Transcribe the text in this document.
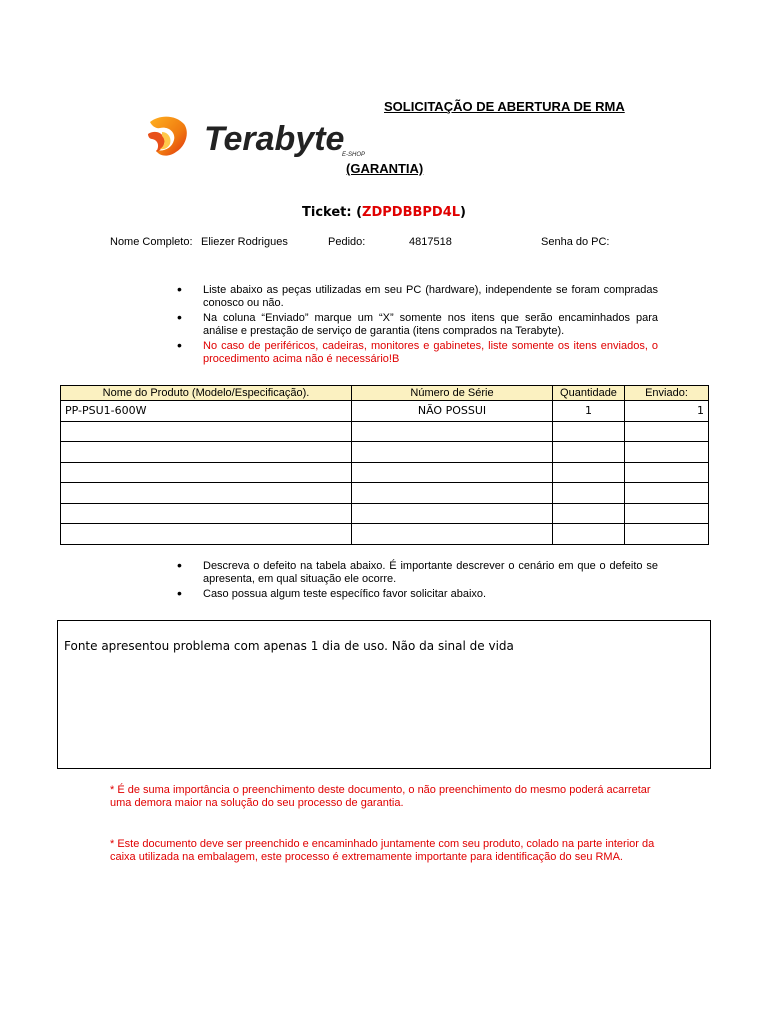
SOLICITAÇÃO DE ABERTURA DE RMA
Terabyte
E-SHOP
(GARANTIA)
Ticket: (ZDPDBBPD4L)
Nome Completo: Eliezer Rodrigues	Pedido:	4817518	Senha do PC:
• Liste abaixo as peças utilizadas em seu PC (hardware), independente se foram compradas conosco ou não.
• Na coluna “Enviado” marque um “X” somente nos itens que serão encaminhados para análise e prestação de serviço de garantia (itens comprados na Terabyte).
• No caso de periféricos, cadeiras, monitores e gabinetes, liste somente os itens enviados, o procedimento acima não é necessário!B
Nome do Produto (Modelo/Especificação).	Número de Série	Quantidade	Enviado:
PP-PSU1-600W	NÃO POSSUI	1	1

• Descreva o defeito na tabela abaixo. É importante descrever o cenário em que o defeito se apresenta, em qual situação ele ocorre.
• Caso possua algum teste específico favor solicitar abaixo.
Fonte apresentou problema com apenas 1 dia de uso. Não da sinal de vida
* É de suma importância o preenchimento deste documento, o não preenchimento do mesmo poderá acarretar uma demora maior na solução do seu processo de garantia.
* Este documento deve ser preenchido e encaminhado juntamente com seu produto, colado na parte interior da caixa utilizada na embalagem, este processo é extremamente importante para identificação do seu RMA.
